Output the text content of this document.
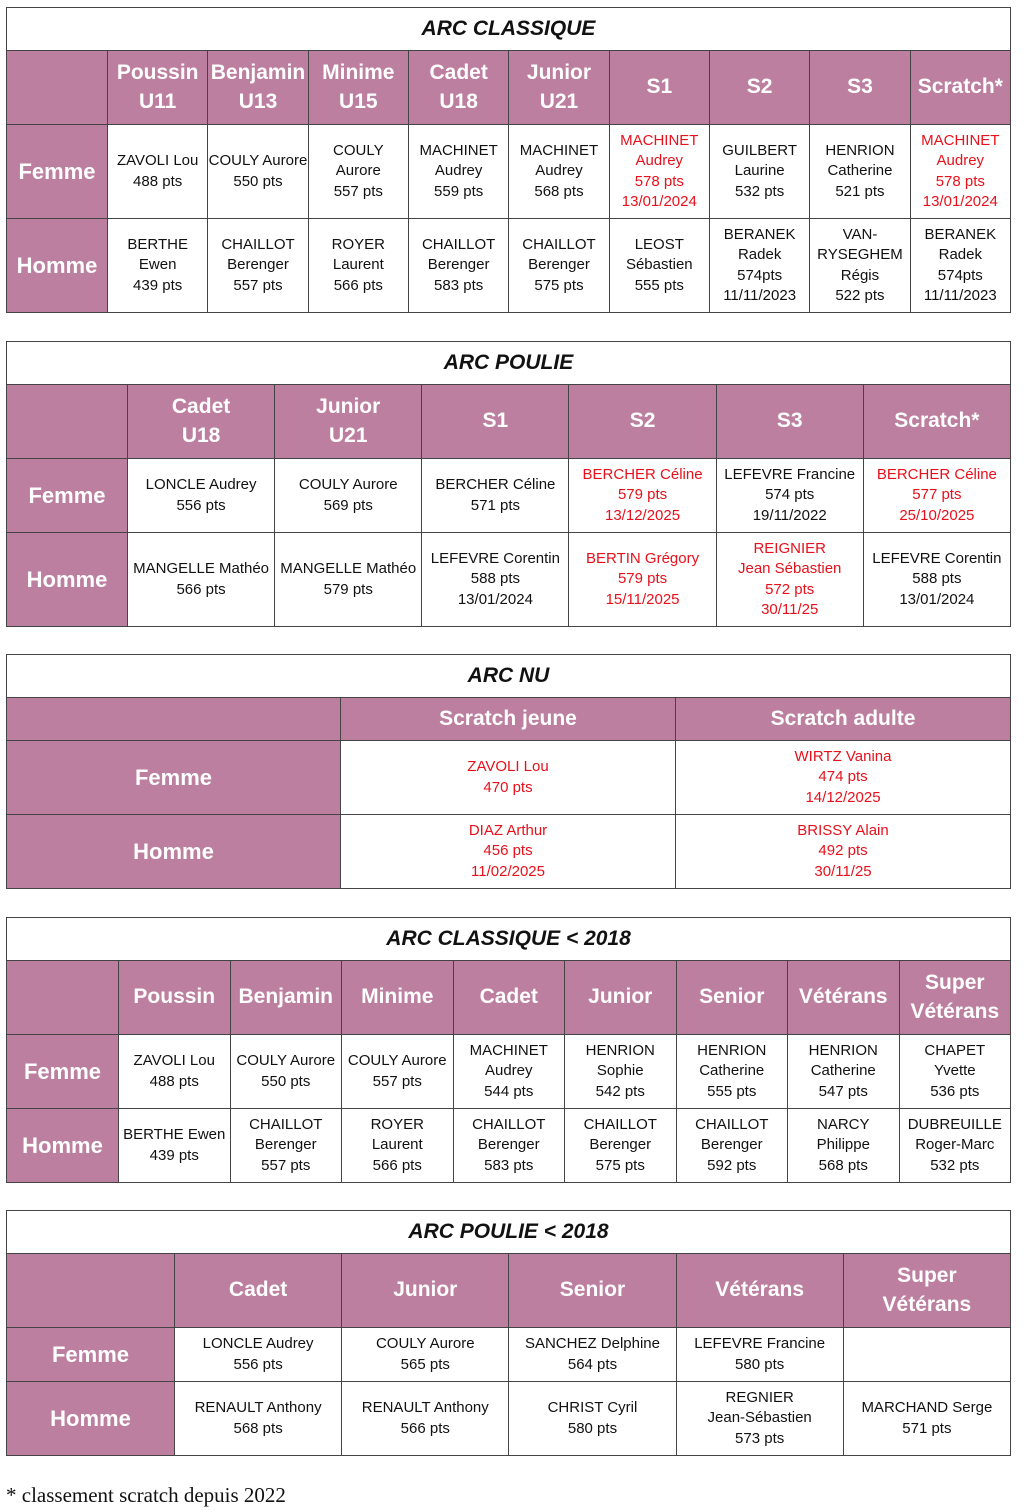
ARC CLASSIQUE									

	Poussin
U11	Benjamin
U13	Minime
U15	Cadet
U18	Junior
U21	S1	S2	S3	Scratch*

Femme	ZAVOLI Lou
488 pts	COULY Aurore
550 pts	COULY
Aurore
557 pts	MACHINET
Audrey
559 pts	MACHINET
Audrey
568 pts	MACHINET
Audrey
578 pts
13/01/2024	GUILBERT
Laurine
532 pts	HENRION
Catherine
521 pts	MACHINET
Audrey
578 pts
13/01/2024

Homme	BERTHE
Ewen
439 pts	CHAILLOT
Berenger
557 pts	ROYER
Laurent
566 pts	CHAILLOT
Berenger
583 pts	CHAILLOT
Berenger
575 pts	LEOST
Sébastien
555 pts	BERANEK
Radek
574pts
11/11/2023	VAN-
RYSEGHEM
Régis
522 pts	BERANEK
Radek
574pts
11/11/2023
ARC POULIE						

	Cadet
U18	Junior
U21	S1	S2	S3	Scratch*

Femme	LONCLE Audrey
556 pts	COULY Aurore
569 pts	BERCHER Céline
571 pts	BERCHER Céline
579 pts
13/12/2025	LEFEVRE Francine
574 pts
19/11/2022	BERCHER Céline
577 pts
25/10/2025

Homme	MANGELLE Mathéo
566 pts	MANGELLE Mathéo
579 pts	LEFEVRE Corentin
588 pts
13/01/2024	BERTIN Grégory
579 pts
15/11/2025	REIGNIER
Jean Sébastien
572 pts
30/11/25	LEFEVRE Corentin
588 pts
13/01/2024
ARC NU		

	Scratch jeune	Scratch adulte

Femme	ZAVOLI Lou
470 pts	WIRTZ Vanina
474 pts
14/12/2025

Homme	DIAZ Arthur
456 pts
11/02/2025	BRISSY Alain
492 pts
30/11/25
ARC CLASSIQUE < 2018								

	Poussin	Benjamin	Minime	Cadet	Junior	Senior	Vétérans	Super
Vétérans

Femme	ZAVOLI Lou
488 pts	COULY Aurore
550 pts	COULY Aurore
557 pts	MACHINET
Audrey
544 pts	HENRION
Sophie
542 pts	HENRION
Catherine
555 pts	HENRION
Catherine
547 pts	CHAPET
Yvette
536 pts

Homme	BERTHE Ewen
439 pts	CHAILLOT
Berenger
557 pts	ROYER
Laurent
566 pts	CHAILLOT
Berenger
583 pts	CHAILLOT
Berenger
575 pts	CHAILLOT
Berenger
592 pts	NARCY
Philippe
568 pts	DUBREUILLE
Roger-Marc
532 pts
ARC POULIE < 2018					

	Cadet	Junior	Senior	Vétérans	Super
Vétérans

Femme	LONCLE Audrey
556 pts	COULY Aurore
565 pts	SANCHEZ Delphine
564 pts	LEFEVRE Francine
580 pts	

Homme	RENAULT Anthony
568 pts	RENAULT Anthony
566 pts	CHRIST Cyril
580 pts	REGNIER
Jean-Sébastien
573 pts	MARCHAND Serge
571 pts
* classement scratch depuis 2022
